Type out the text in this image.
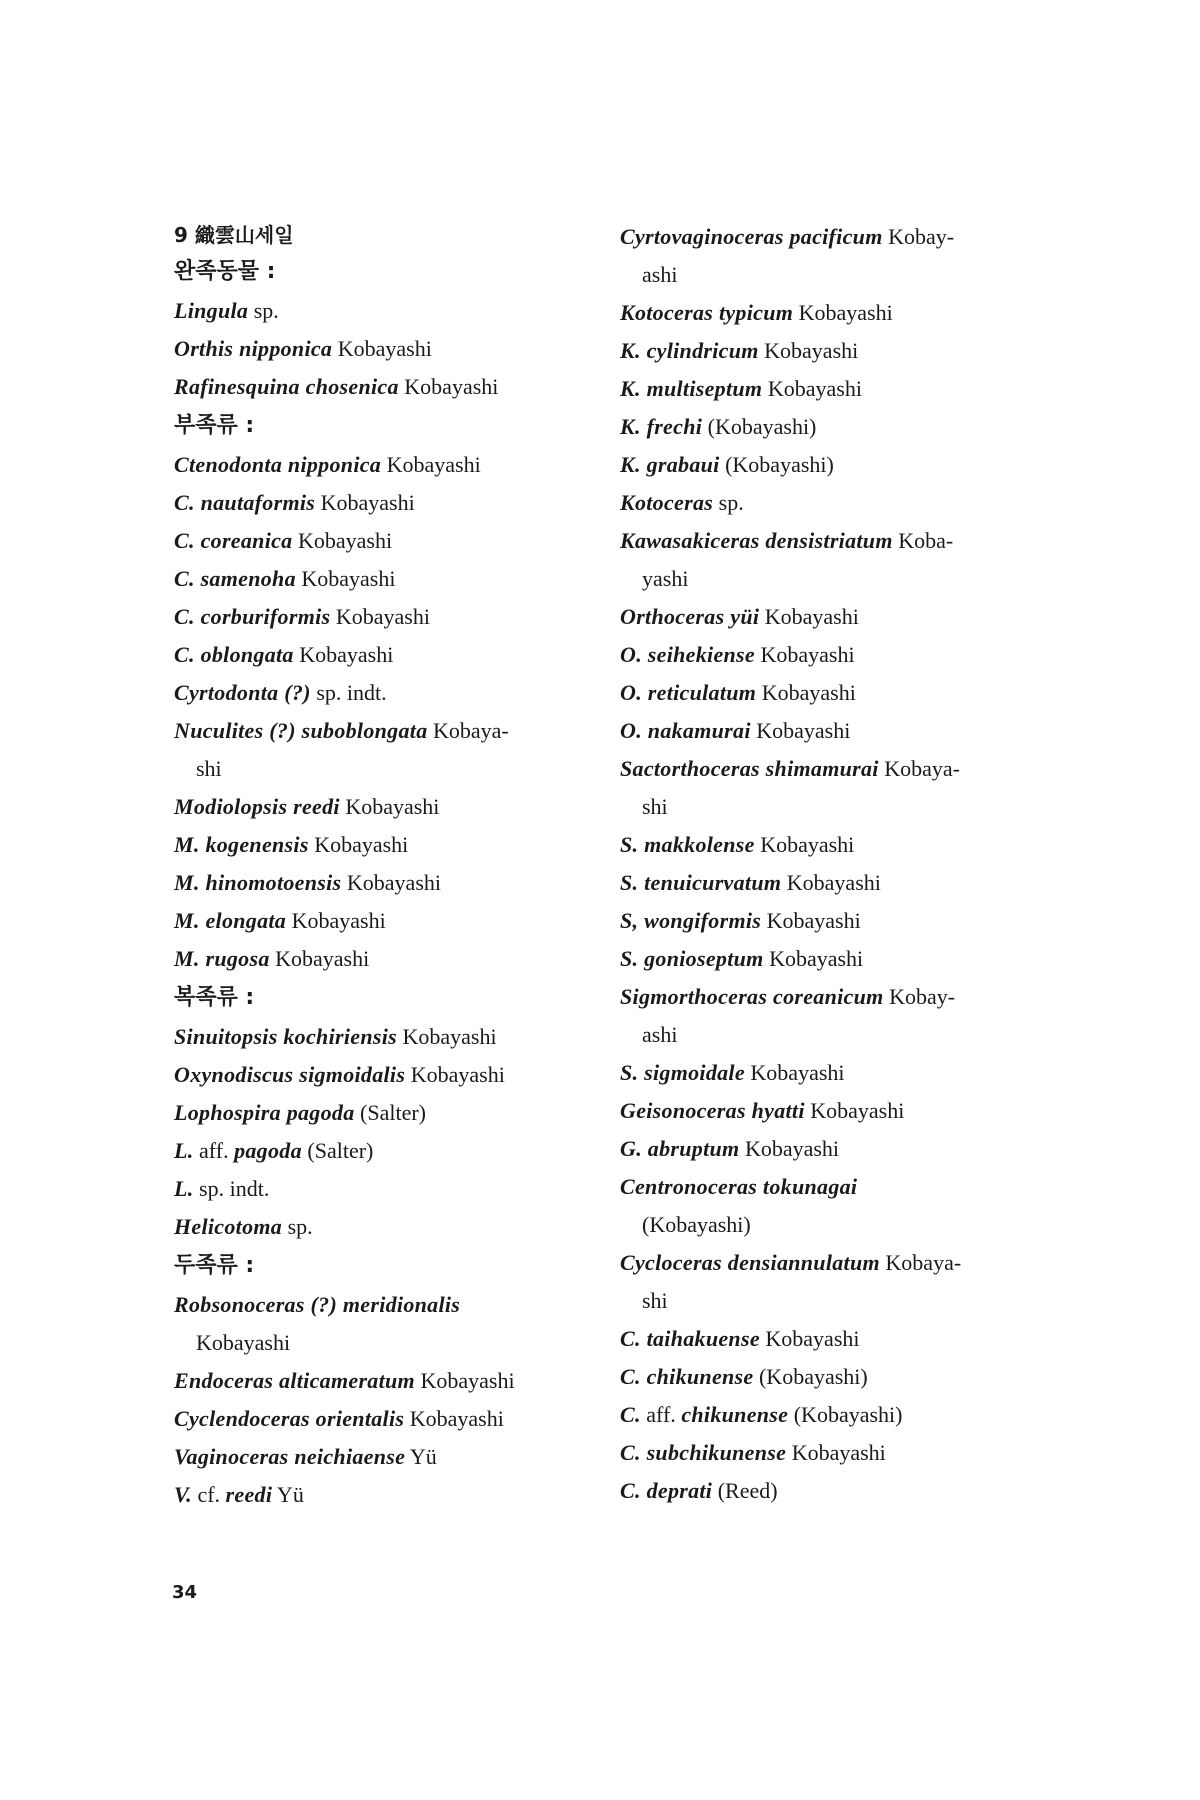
9 織雲山세일
완족동물 :
Lingula sp.
Orthis nipponica Kobayashi
Rafinesquina chosenica Kobayashi
부족류 :
Ctenodonta nipponica Kobayashi
C. nautaformis Kobayashi
C. coreanica Kobayashi
C. samenoha Kobayashi
C. corburiformis Kobayashi
C. oblongata Kobayashi
Cyrtodonta (?) sp. indt.
Nuculites (?) suboblongata Kobaya-
shi
Modiolopsis reedi Kobayashi
M. kogenensis Kobayashi
M. hinomotoensis Kobayashi
M. elongata Kobayashi
M. rugosa Kobayashi
복족류 :
Sinuitopsis kochiriensis Kobayashi
Oxynodiscus sigmoidalis Kobayashi
Lophospira pagoda (Salter)
L. aff. pagoda (Salter)
L. sp. indt.
Helicotoma sp.
두족류 :
Robsonoceras (?) meridionalis
Kobayashi
Endoceras alticameratum Kobayashi
Cyclendoceras orientalis Kobayashi
Vaginoceras neichiaense Yü
V. cf. reedi Yü
Cyrtovaginoceras pacificum Kobay-
ashi
Kotoceras typicum Kobayashi
K. cylindricum Kobayashi
K. multiseptum Kobayashi
K. frechi (Kobayashi)
K. grabaui (Kobayashi)
Kotoceras sp.
Kawasakiceras densistriatum Koba-
yashi
Orthoceras yüi Kobayashi
O. seihekiense Kobayashi
O. reticulatum Kobayashi
O. nakamurai Kobayashi
Sactorthoceras shimamurai Kobaya-
shi
S. makkolense Kobayashi
S. tenuicurvatum Kobayashi
S, wongiformis Kobayashi
S. gonioseptum Kobayashi
Sigmorthoceras coreanicum Kobay-
ashi
S. sigmoidale Kobayashi
Geisonoceras hyatti Kobayashi
G. abruptum Kobayashi
Centronoceras tokunagai
(Kobayashi)
Cycloceras densiannulatum Kobaya-
shi
C. taihakuense Kobayashi
C. chikunense (Kobayashi)
C. aff. chikunense (Kobayashi)
C. subchikunense Kobayashi
C. deprati (Reed)
34
